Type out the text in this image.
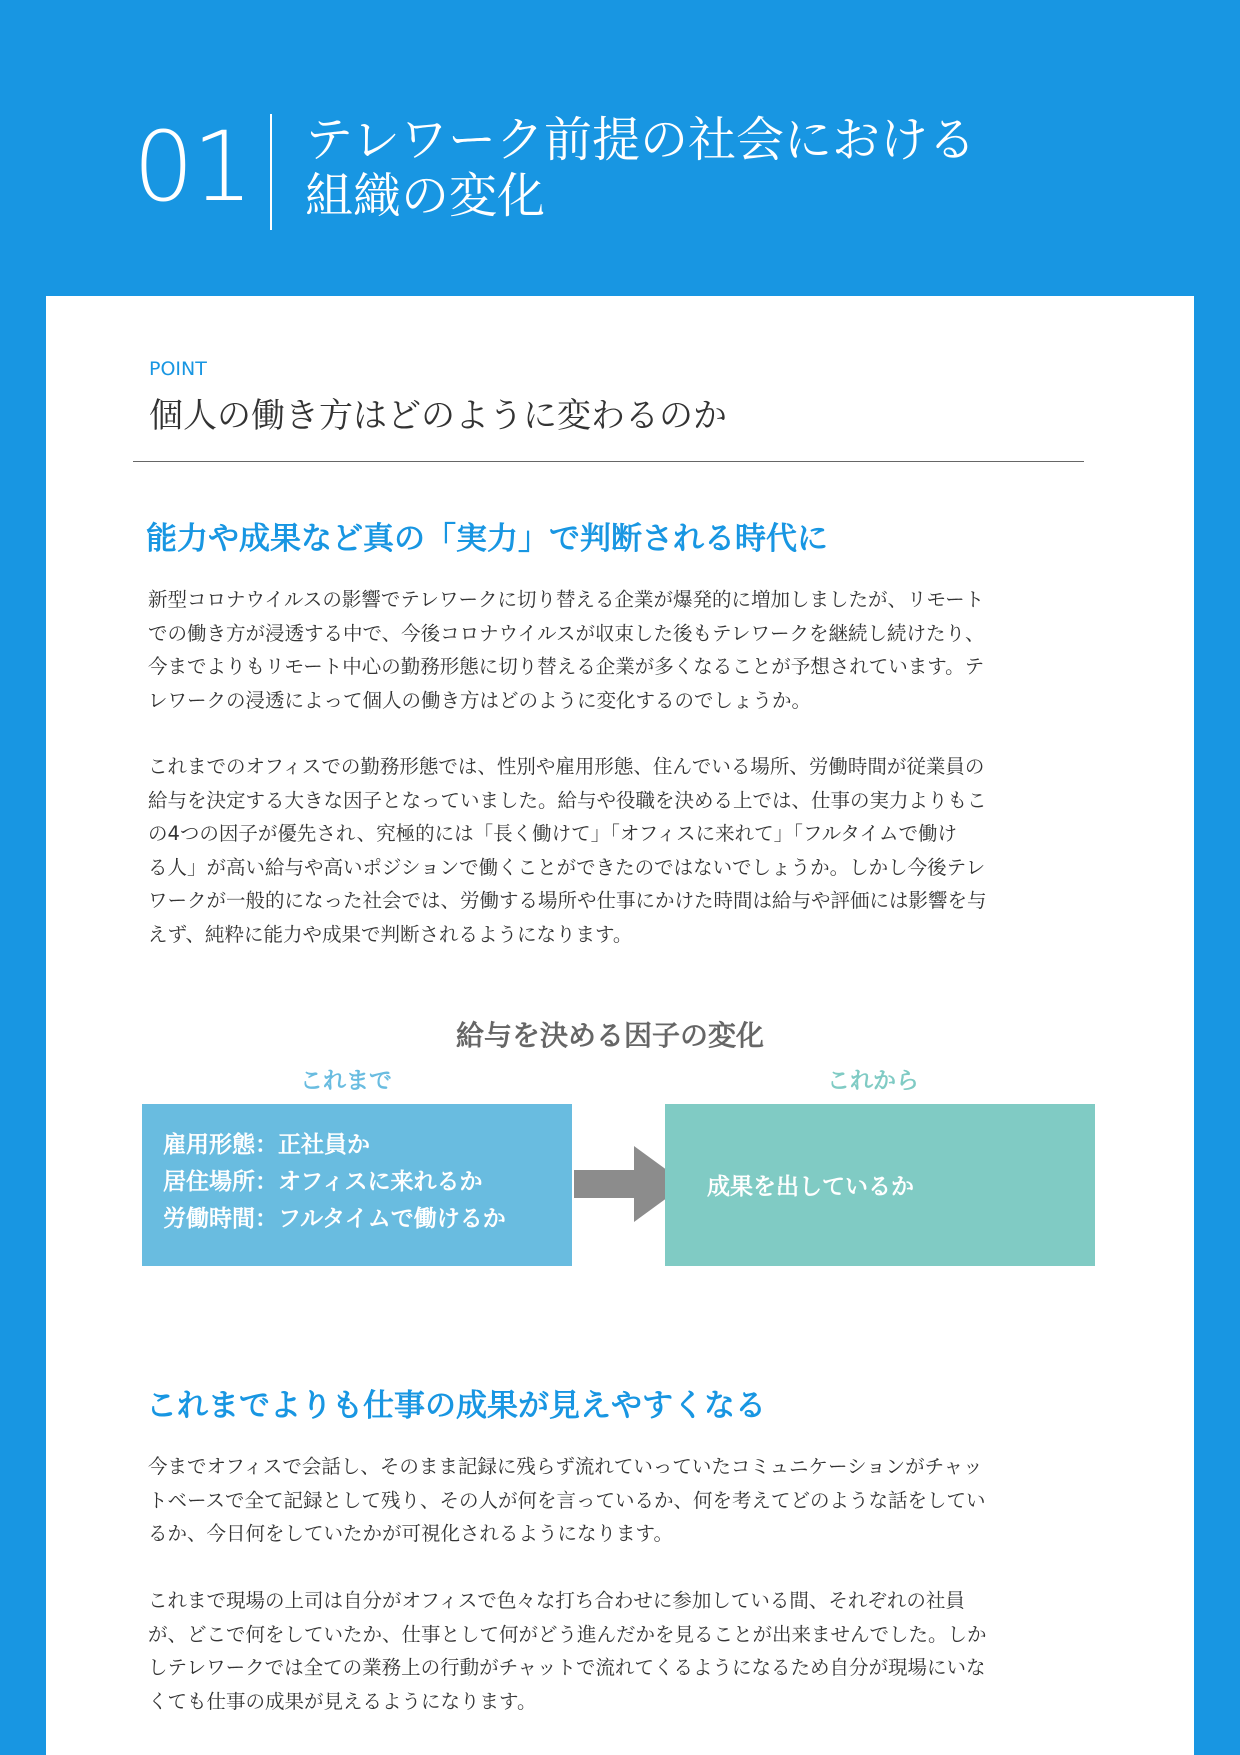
01 テレワーク前提の社会における
組織の変化
POINT
個人の働き方はどのように変わるのか
能力や成果など真の「実力」で判断される時代に
新型コロナウイルスの影響でテレワークに切り替える企業が爆発的に増加しましたが、リモート
での働き方が浸透する中で、今後コロナウイルスが収束した後もテレワークを継続し続けたり、
今までよりもリモート中心の勤務形態に切り替える企業が多くなることが予想されています。テ
レワークの浸透によって個人の働き方はどのように変化するのでしょうか。
これまでのオフィスでの勤務形態では、性別や雇用形態、住んでいる場所、労働時間が従業員の
給与を決定する大きな因子となっていました。給与や役職を決める上では、仕事の実力よりもこ
の4つの因子が優先され、究極的には「長く働けて」「オフィスに来れて」「フルタイムで働け
る人」が高い給与や高いポジションで働くことができたのではないでしょうか。しかし今後テレ
ワークが一般的になった社会では、労働する場所や仕事にかけた時間は給与や評価には影響を与
えず、純粋に能力や成果で判断されるようになります。
給与を決める因子の変化
これまで	これから
雇用形態：正社員か
居住場所：オフィスに来れるか
労働時間：フルタイムで働けるか
成果を出しているか
これまでよりも仕事の成果が見えやすくなる
今までオフィスで会話し、そのまま記録に残らず流れていっていたコミュニケーションがチャッ
トベースで全て記録として残り、その人が何を言っているか、何を考えてどのような話をしてい
るか、今日何をしていたかが可視化されるようになります。
これまで現場の上司は自分がオフィスで色々な打ち合わせに参加している間、それぞれの社員
が、どこで何をしていたか、仕事として何がどう進んだかを見ることが出来ませんでした。しか
しテレワークでは全ての業務上の行動がチャットで流れてくるようになるため自分が現場にいな
くても仕事の成果が見えるようになります。
